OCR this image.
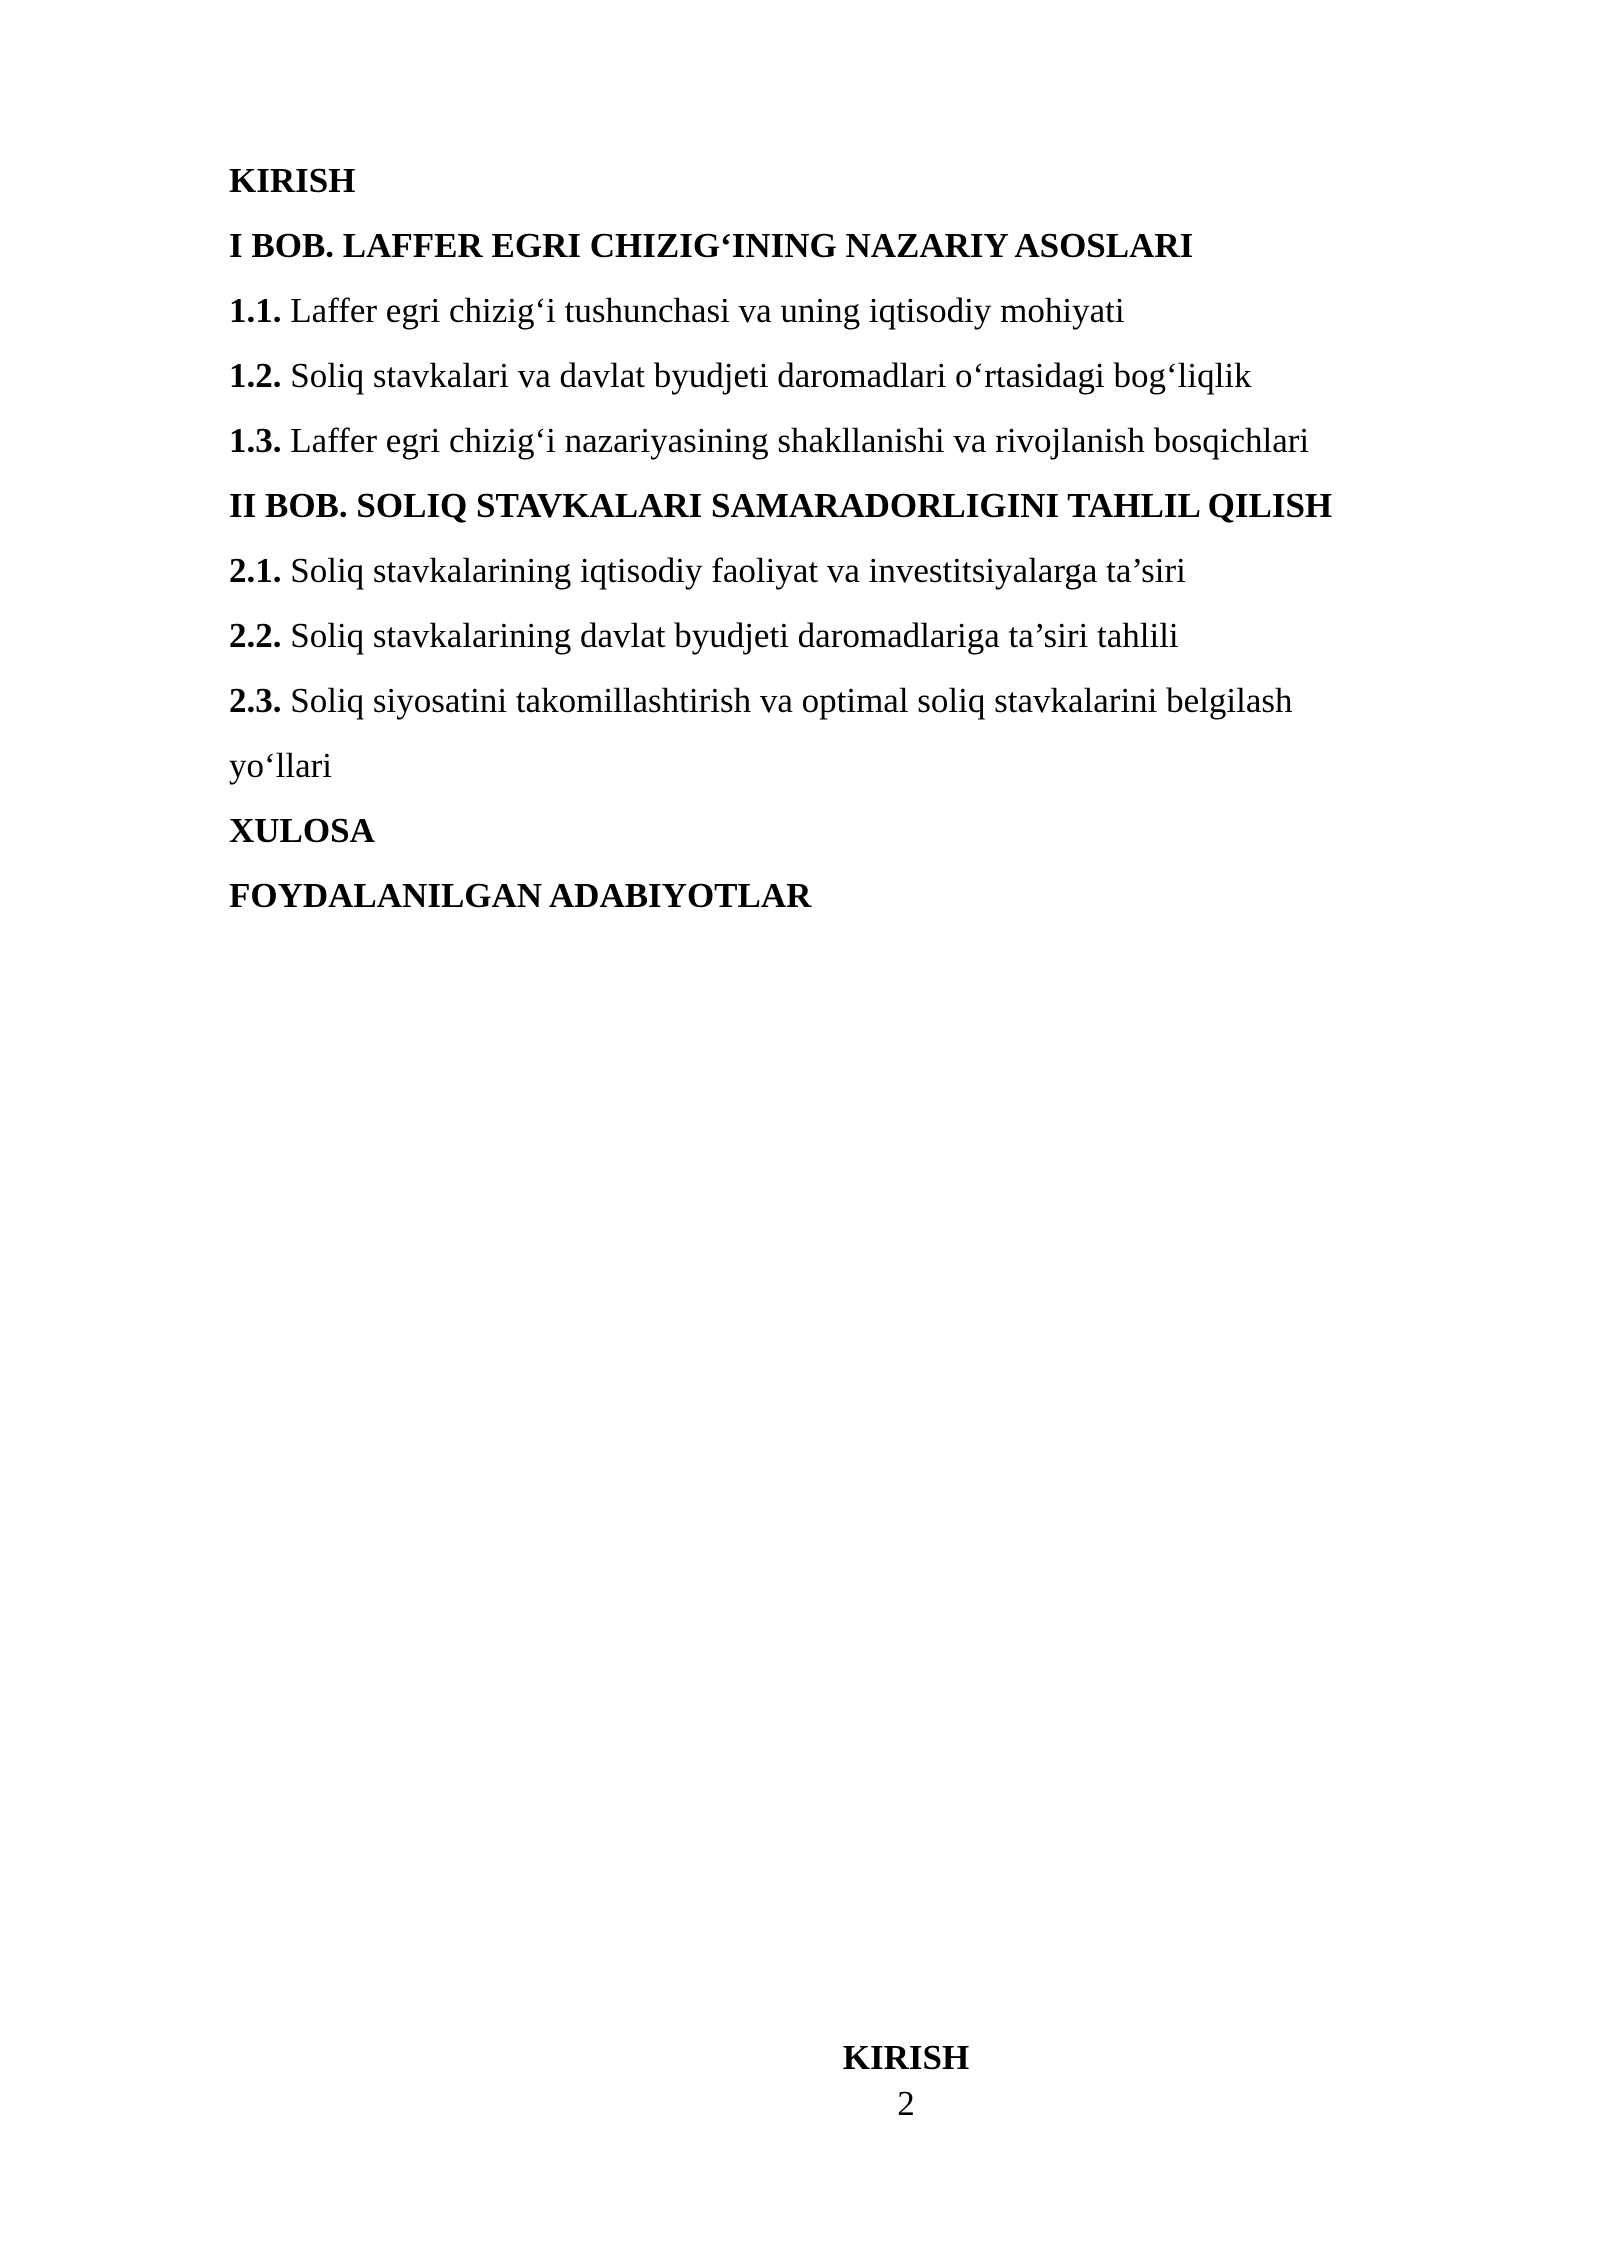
KIRISH

I BOB. LAFFER EGRI CHIZIG‘INING NAZARIY ASOSLARI

1.1. Laffer egri chizig‘i tushunchasi va uning iqtisodiy mohiyati

1.2. Soliq stavkalari va davlat byudjeti daromadlari o‘rtasidagi bog‘liqlik

1.3. Laffer egri chizig‘i nazariyasining shakllanishi va rivojlanish bosqichlari

II BOB. SOLIQ STAVKALARI SAMARADORLIGINI TAHLIL QILISH

2.1. Soliq stavkalarining iqtisodiy faoliyat va investitsiyalarga ta’siri

2.2. Soliq stavkalarining davlat byudjeti daromadlariga ta’siri tahlili

2.3. Soliq siyosatini takomillashtirish va optimal soliq stavkalarini belgilash

yo‘llari

XULOSA

FOYDALANILGAN ADABIYOTLAR

KIRISH
2
